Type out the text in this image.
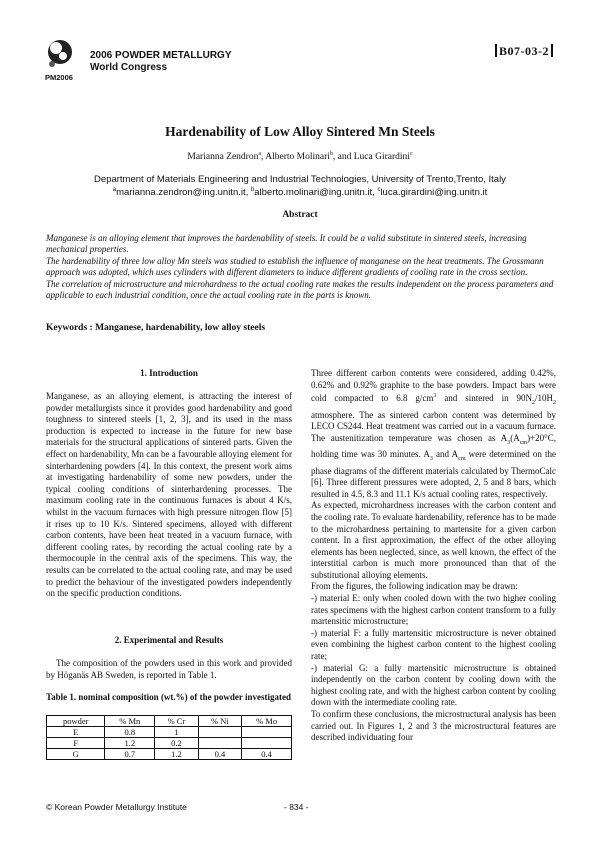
PM2006
2006 POWDER METALLURGY
World Congress
B07-03-2
Hardenability of Low Alloy Sintered Mn Steels
Marianna Zendron$^a$, Alberto Molinari$^b$, and Luca Girardini$^c$
Department of Materials Engineering and Industrial Technologies, University of Trento,Trento, Italy
$^a$marianna.zendron@ing.unitn.it, $^b$alberto.molinari@ing.unitn.it, $^c$luca.girardini@ing.unitn.it
Abstract

Manganese is an alloying element that improves the hardenability of steels. It could be a valid substitute in sintered steels, increasing mechanical properties.

The hardenability of three low alloy Mn steels was studied to establish the influence of manganese on the heat treatments. The Grossmann approach was adopted, which uses cylinders with different diameters to induce different gradients of cooling rate in the cross section.

The correlation of microstructure and microhardness to the actual cooling rate makes the results independent on the process parameters and applicable to each industrial condition, once the actual cooling rate in the parts is known.

Keywords : Manganese, hardenability, low alloy steels
1. Introduction

Manganese, as an alloying element, is attracting the interest of powder metallurgists since it provides good hardenability and good toughness to sintered steels [1, 2, 3], and its used in the mass production is expected to increase in the future for new base materials for the structural applications of sintered parts. Given the effect on hardenability, Mn can be a favourable alloying element for sinterhardening powders [4]. In this context, the present work aims at investigating hardenability of some new powders, under the typical cooling conditions of sinterhardening processes. The maximum cooling rate in the continuous furnaces is about 4 K/s, whilst in the vacuum furnaces with high pressure nitrogen flow [5] it rises up to 10 K/s. Sintered specimens, alloyed with different carbon contents, have been heat treated in a vacuum furnace, with different cooling rates, by recording the actual cooling rate by a thermocouple in the central axis of the specimens. This way, the results can be correlated to the actual cooling rate, and may be used to predict the behaviour of the investigated powders independently on the specific production conditions.

2. Experimental and Results

The composition of the powders used in this work and provided by Höganäs AB Sweden, is reported in Table 1.

Table 1. nominal composition (wt.%) of the powder investigated
powder	% Mn	% Cr	% Ni	% Mo
E	0.8	1		
F	1.2	0.2		
G	0.7	1.2	0.4	0.4

Three different carbon contents were considered, adding 0.42%, 0.62% and 0.92% graphite to the base powders. Impact bars were cold compacted to 6.8 $g/cm^3$ and sintered in $90N_2/10H_2$ atmosphere. The as sintered carbon content was determined by LECO CS244. Heat treatment was carried out in a vacuum furnace. The austenitization temperature was chosen as $A_3(A_{cm})+20^\circ C$, holding time was 30 minutes. $A_3$ and $A_{cm}$ were determined on the phase diagrams of the different materials calculated by ThermoCalc [6]. Three different pressures were adopted, 2, 5 and 8 bars, which resulted in 4.5, 8.3 and 11.1 K/s actual cooling rates, respectively.

As expected, microhardness increases with the carbon content and the cooling rate. To evaluate hardenability, reference has to be made to the microhardness pertaining to martensite for a given carbon content. In a first approximation, the effect of the other alloying elements has been neglected, since, as well known, the effect of the interstitial carbon is much more pronounced than that of the substitutional alloying elements.

From the figures, the following indication may be drawn:

-) material E: only when cooled down with the two higher cooling rates specimens with the highest carbon content transform to a fully martensitic microstructure;

-) material F: a fully martensitic microstructure is never obtained even combining the highest carbon content to the highest cooling rate;

-) material G: a fully martensitic microstructure is obtained independently on the carbon content by cooling down with the highest cooling rate, and with the highest carbon content by cooling down with the intermediate cooling rate.

To confirm these conclusions, the microstructural analysis has been carried out. In Figures 1, 2 and 3 the microstructural features are described individuating four

© Korean Powder Metallurgy Institute	- 834 -
